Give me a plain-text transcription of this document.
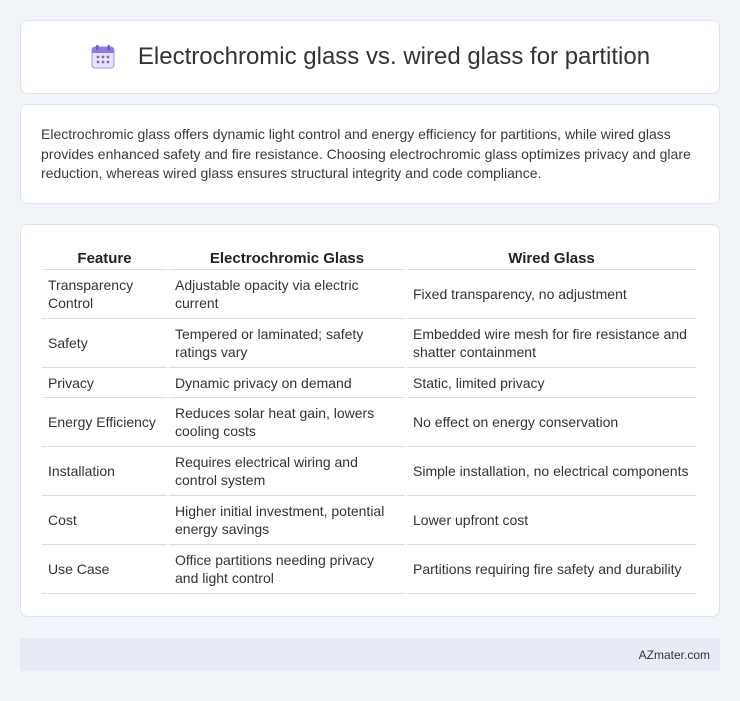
Electrochromic glass vs. wired glass for partition

Electrochromic glass offers dynamic light control and energy efficiency for partitions, while wired glass provides enhanced safety and fire resistance. Choosing electrochromic glass optimizes privacy and glare reduction, whereas wired glass ensures structural integrity and code compliance.

Feature	Electrochromic Glass	Wired Glass
Transparency Control	Adjustable opacity via electric current	Fixed transparency, no adjustment
Safety	Tempered or laminated; safety ratings vary	Embedded wire mesh for fire resistance and shatter containment
Privacy	Dynamic privacy on demand	Static, limited privacy
Energy Efficiency	Reduces solar heat gain, lowers cooling costs	No effect on energy conservation
Installation	Requires electrical wiring and control system	Simple installation, no electrical components
Cost	Higher initial investment, potential energy savings	Lower upfront cost
Use Case	Office partitions needing privacy and light control	Partitions requiring fire safety and durability
AZmater.com
